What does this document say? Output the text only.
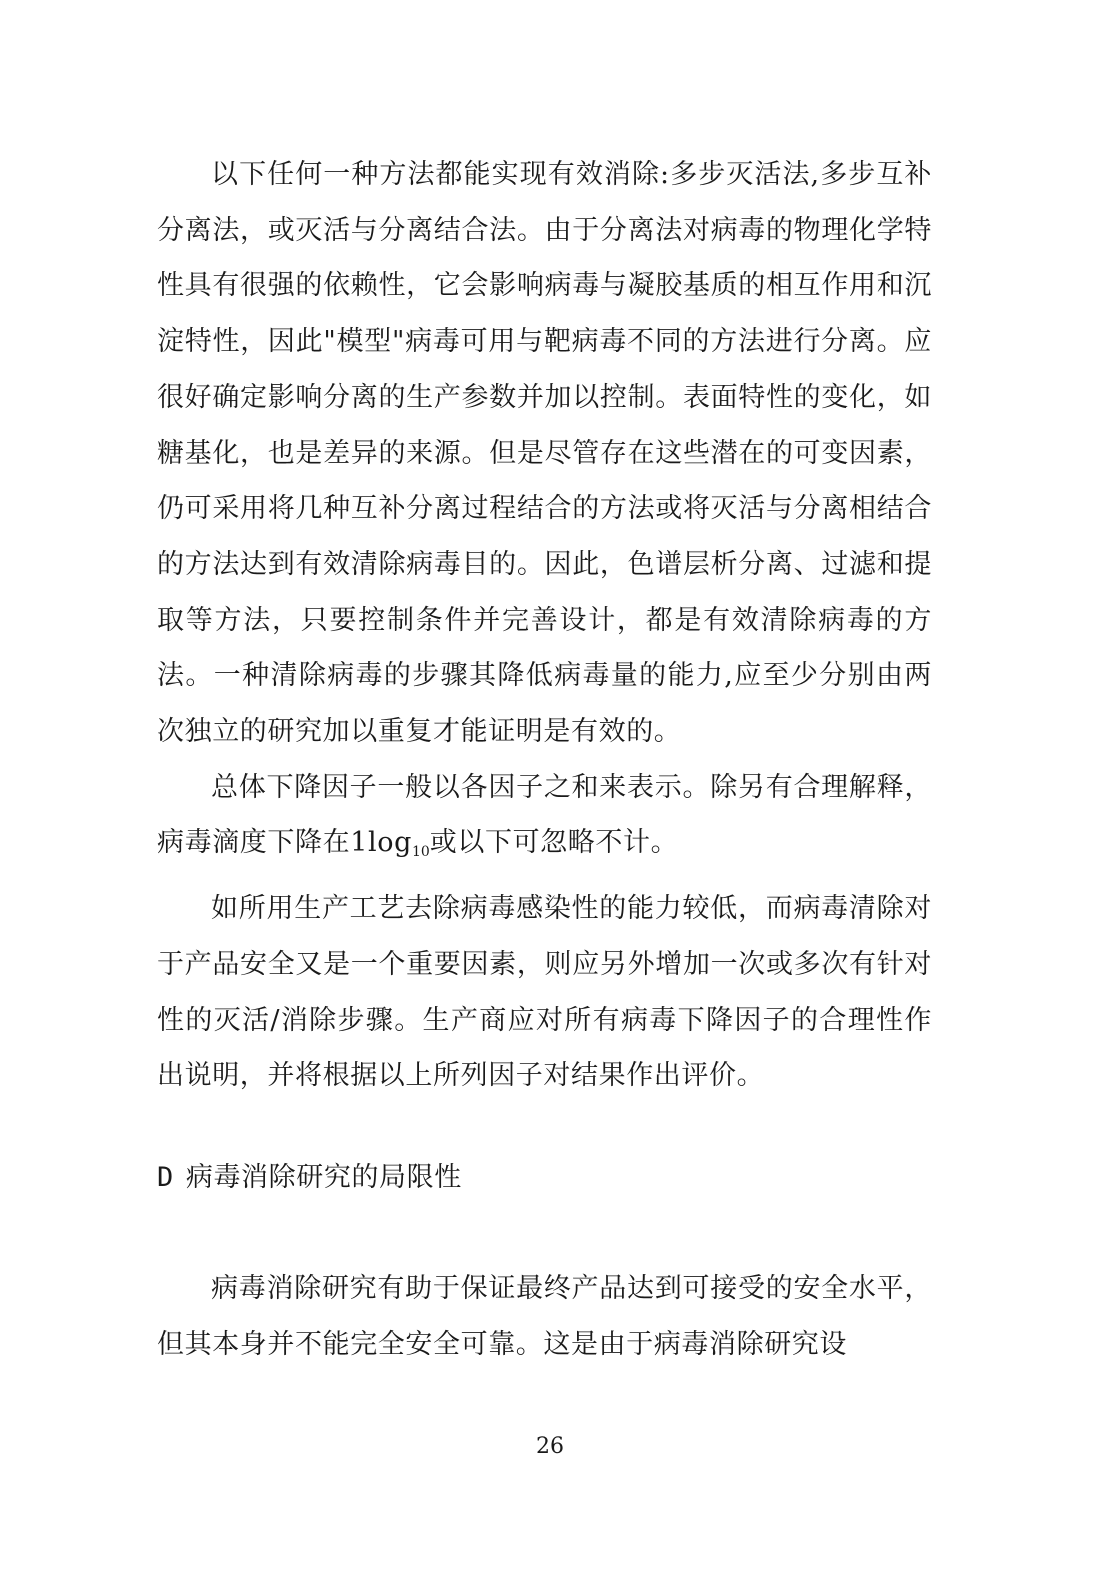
以下任何一种方法都能实现有效消除:多步灭活法,多步互补分离法，或灭活与分离结合法。由于分离法对病毒的物理化学特性具有很强的依赖性，它会影响病毒与凝胶基质的相互作用和沉淀特性，因此"模型"病毒可用与靶病毒不同的方法进行分离。应很好确定影响分离的生产参数并加以控制。表面特性的变化，如糖基化，也是差异的来源。但是尽管存在这些潜在的可变因素，仍可采用将几种互补分离过程结合的方法或将灭活与分离相结合的方法达到有效清除病毒目的。因此，色谱层析分离、过滤和提取等方法，只要控制条件并完善设计，都是有效清除病毒的方法。一种清除病毒的步骤其降低病毒量的能力,应至少分别由两次独立的研究加以重复才能证明是有效的。

总体下降因子一般以各因子之和来表示。除另有合理解释，病毒滴度下降在$1\log_{10}$或以下可忽略不计。

如所用生产工艺去除病毒感染性的能力较低，而病毒清除对于产品安全又是一个重要因素，则应另外增加一次或多次有针对性的灭活/消除步骤。生产商应对所有病毒下降因子的合理性作出说明，并将根据以上所列因子对结果作出评价。

D 病毒消除研究的局限性

病毒消除研究有助于保证最终产品达到可接受的安全水平，但其本身并不能完全安全可靠。这是由于病毒消除研究设

26
